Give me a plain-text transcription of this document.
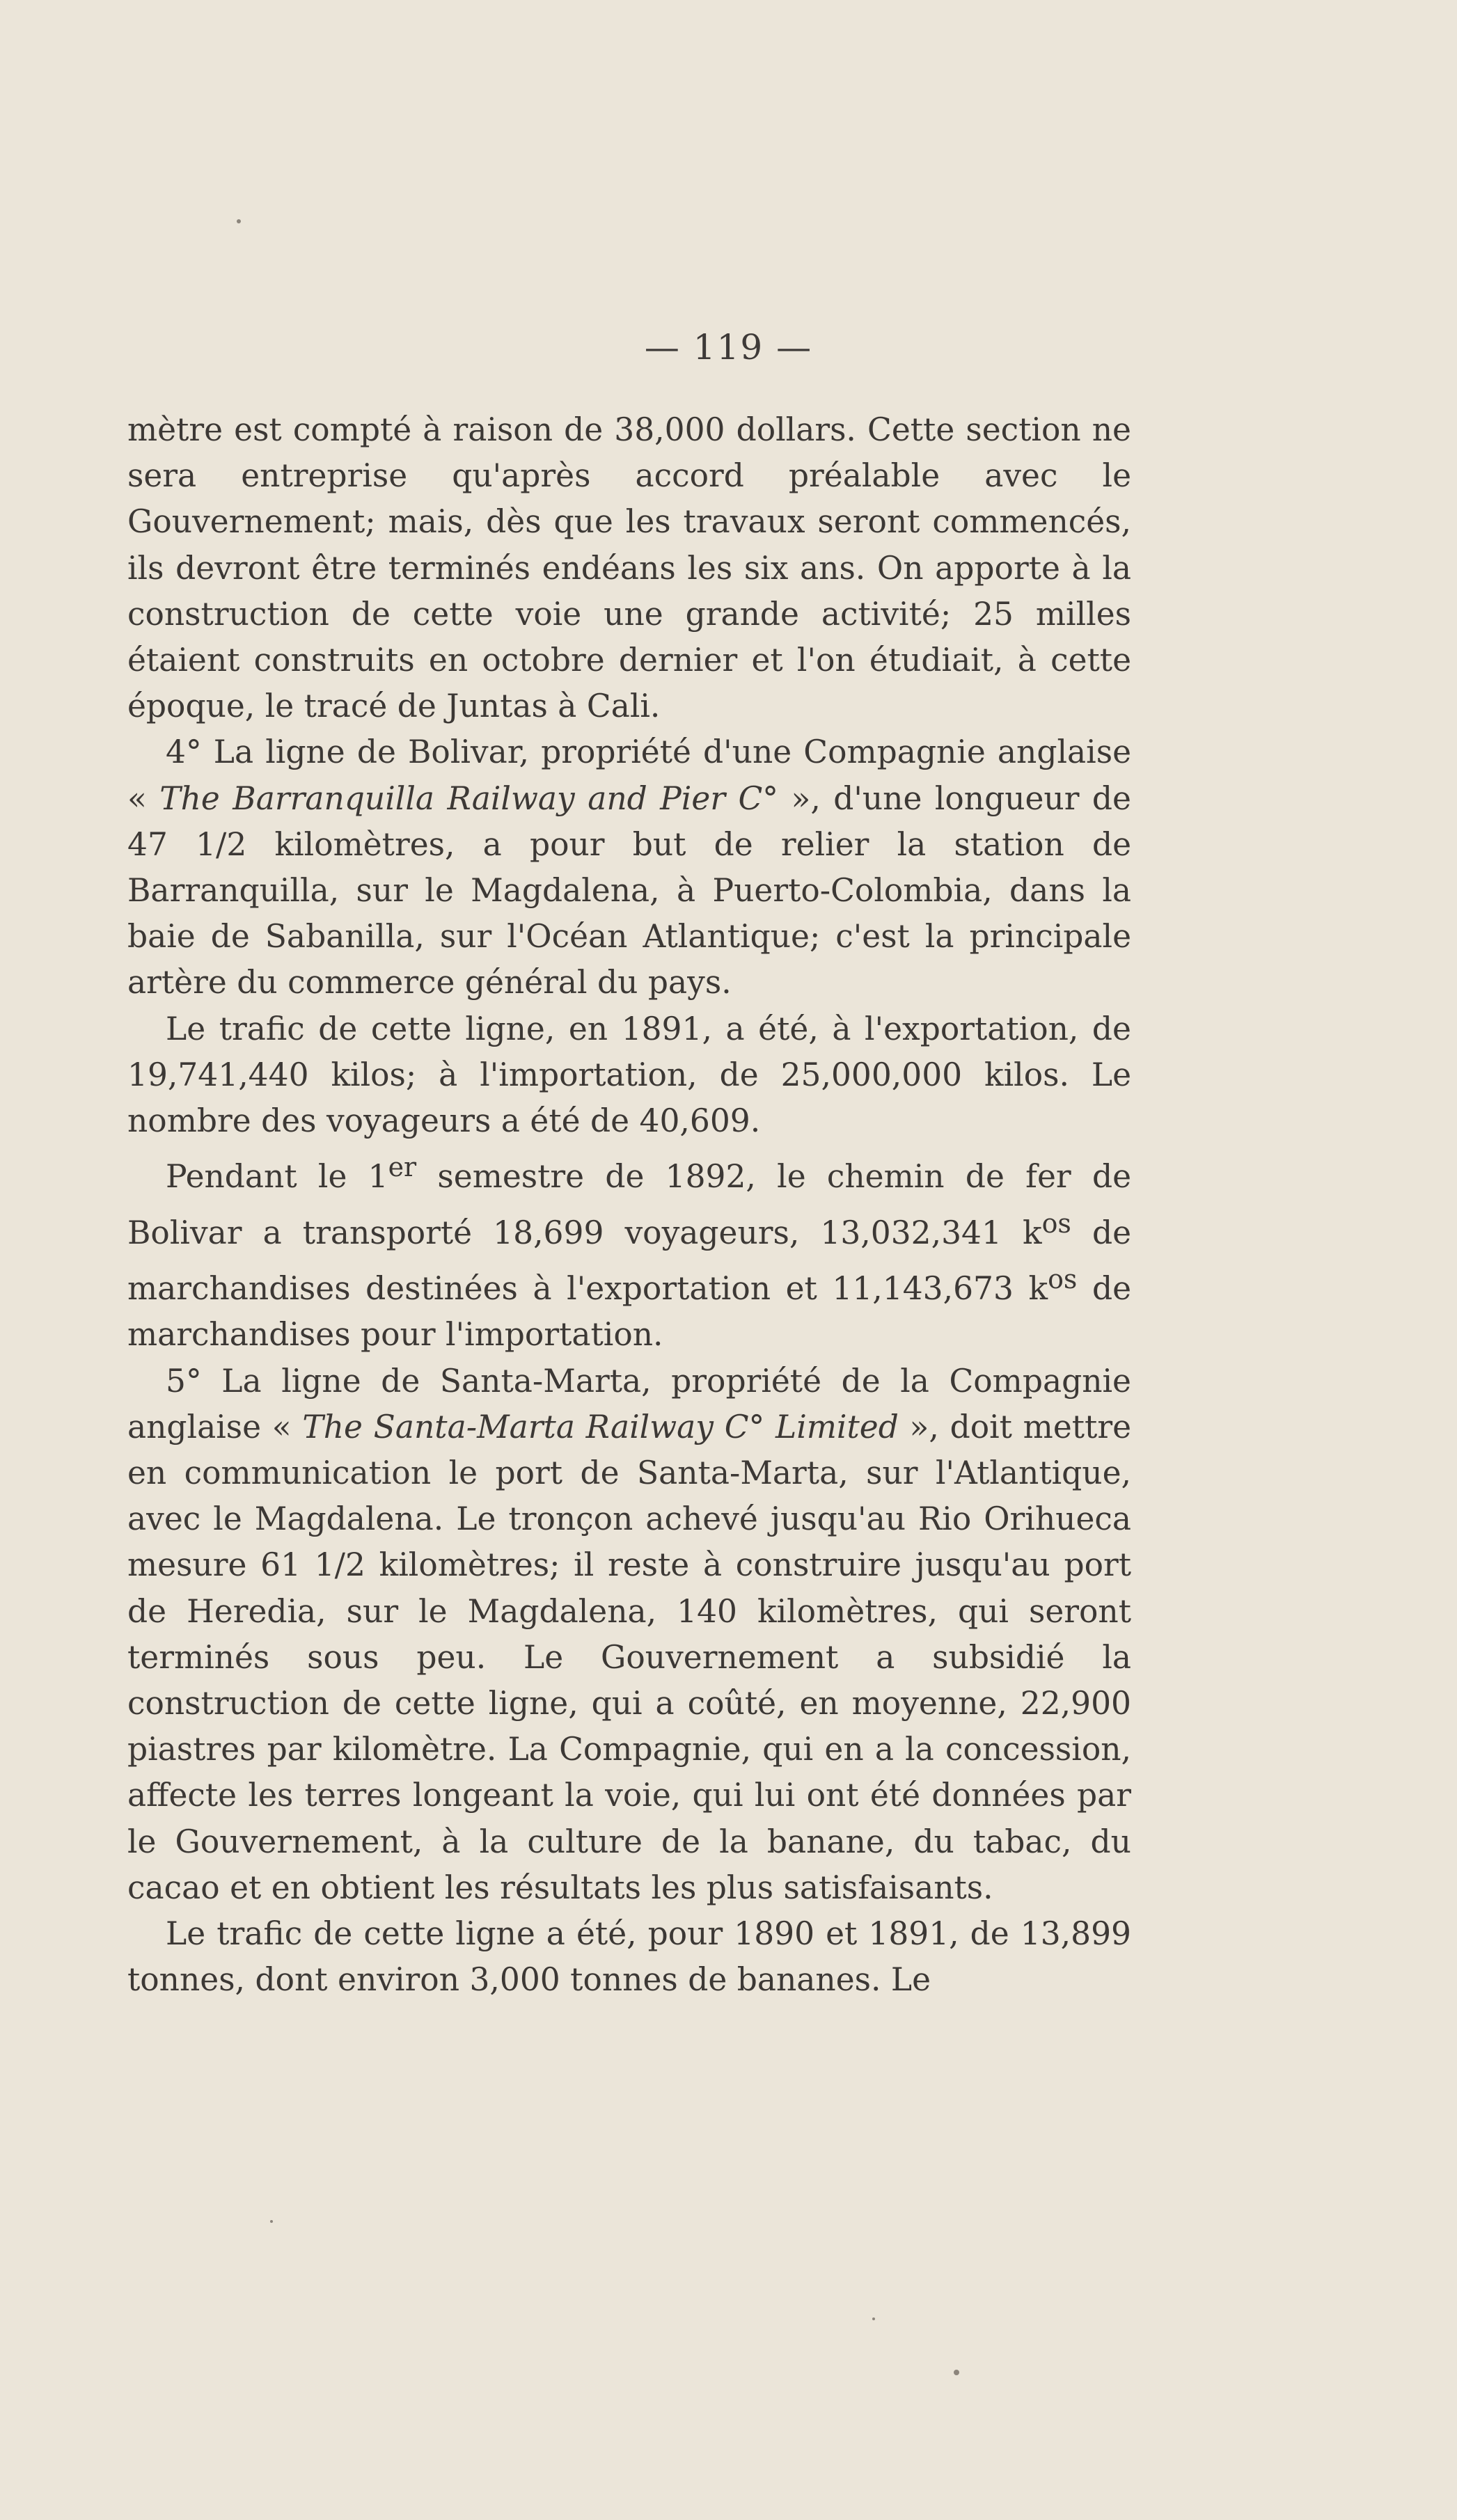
— 119 —

mètre est compté à raison de 38,000 dollars. Cette section ne sera entreprise qu'après accord préalable avec le Gouvernement; mais, dès que les travaux seront commencés, ils devront être terminés endéans les six ans. On apporte à la construction de cette voie une grande activité; 25 milles étaient construits en octobre dernier et l'on étudiait, à cette époque, le tracé de Juntas à Cali.

4° La ligne de Bolivar, propriété d'une Compagnie anglaise « The Barranquilla Railway and Pier C° », d'une longueur de 47 1/2 kilomètres, a pour but de relier la station de Barranquilla, sur le Magdalena, à Puerto-Colombia, dans la baie de Sabanilla, sur l'Océan Atlantique; c'est la principale artère du commerce général du pays.

Le trafic de cette ligne, en 1891, a été, à l'exportation, de 19,741,440 kilos; à l'importation, de 25,000,000 kilos. Le nombre des voyageurs a été de 40,609.

Pendant le 1er semestre de 1892, le chemin de fer de Bolivar a transporté 18,699 voyageurs, 13,032,341 $k^{os}$ de marchandises destinées à l'exportation et 11,143,673 $k^{os}$ de marchandises pour l'importation.

5° La ligne de Santa-Marta, propriété de la Compagnie anglaise « The Santa-Marta Railway C° Limited », doit mettre en communication le port de Santa-Marta, sur l'Atlantique, avec le Magdalena. Le tronçon achevé jusqu'au Rio Orihueca mesure 61 1/2 kilomètres; il reste à construire jusqu'au port de Heredia, sur le Magdalena, 140 kilomètres, qui seront terminés sous peu. Le Gouvernement a subsidié la construction de cette ligne, qui a coûté, en moyenne, 22,900 piastres par kilomètre. La Compagnie, qui en a la concession, affecte les terres longeant la voie, qui lui ont été données par le Gouvernement, à la culture de la banane, du tabac, du cacao et en obtient les résultats les plus satisfaisants.

Le trafic de cette ligne a été, pour 1890 et 1891, de 13,899 tonnes, dont environ 3,000 tonnes de bananes. Le
